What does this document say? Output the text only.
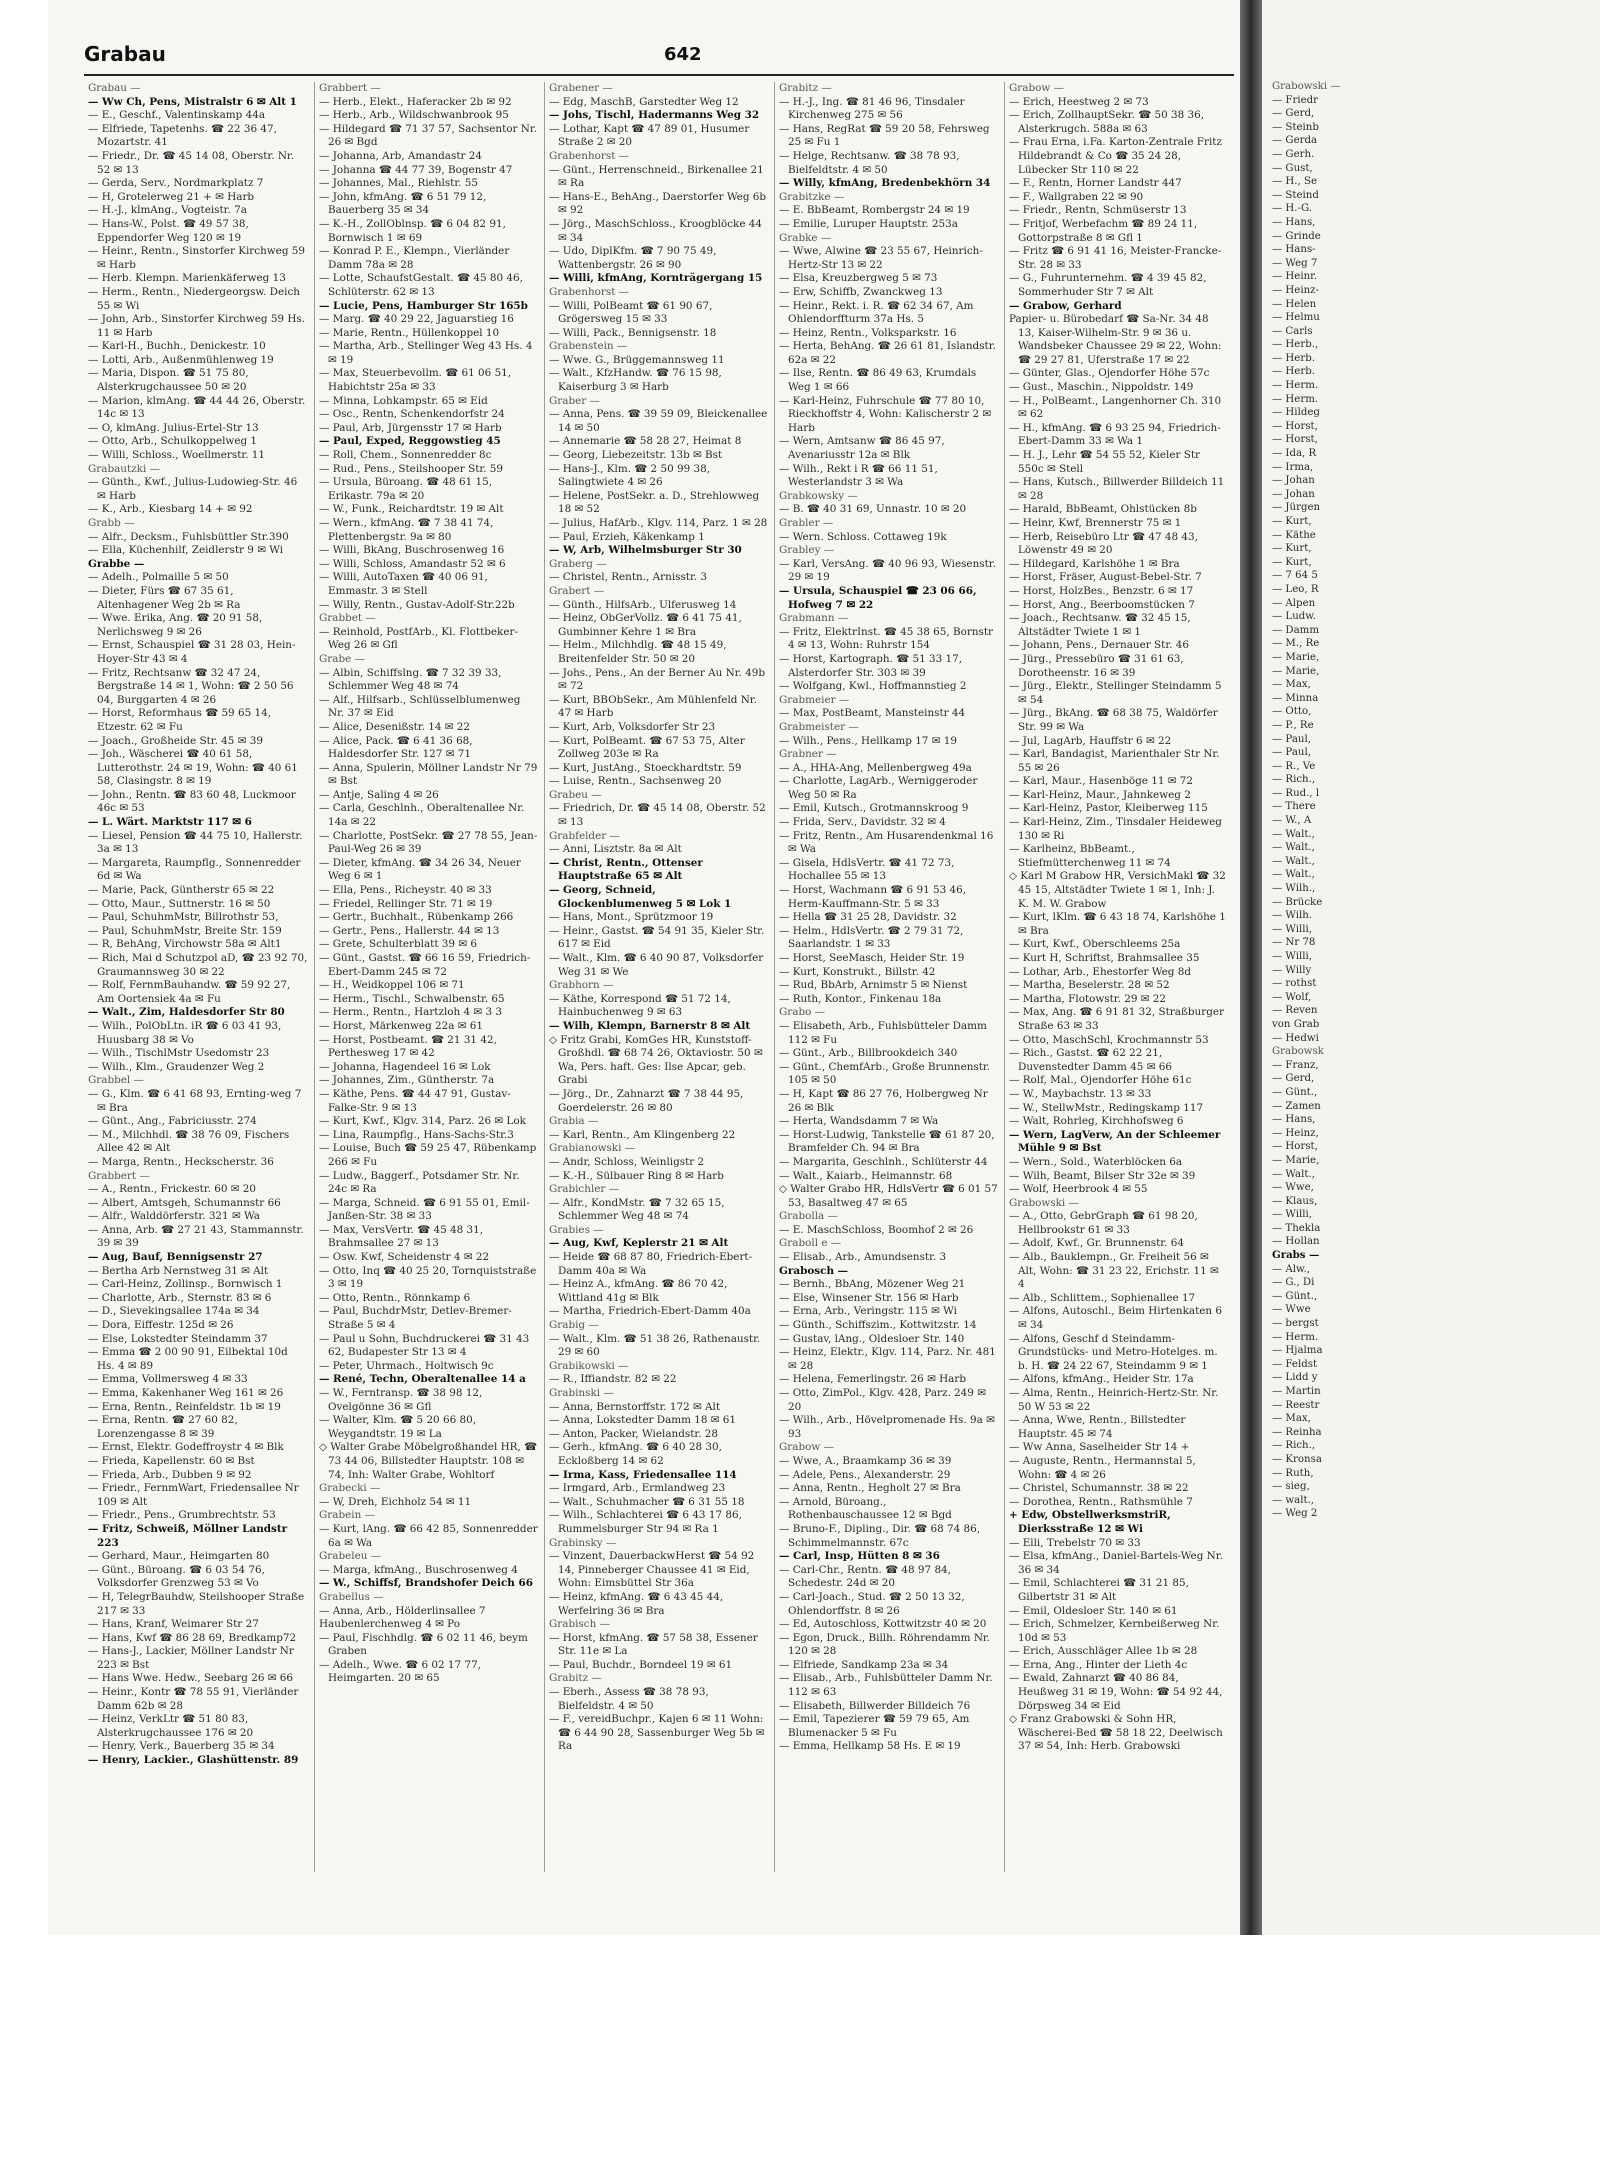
Grabau	642

Grabau —

— Ww Ch, Pens, Mistralstr 6 ✉ Alt 1

— E., Geschf., Valentinskamp 44a

— Elfriede, Tapetenhs. ☎ 22 36 47, Mozartstr. 41

— Friedr., Dr. ☎ 45 14 08, Oberstr. Nr. 52 ✉ 13

— Gerda, Serv., Nordmarkplatz 7

— H, Grotelerweg 21 + ✉ Harb

— H.-J., klmAng., Vogteistr. 7a

— Hans-W., Polst. ☎ 49 57 38, Eppendorfer Weg 120 ✉ 19

— Heinr., Rentn., Sinstorfer Kirchweg 59 ✉ Harb

— Herb. Klempn. Marienkäferweg 13

— Herm., Rentn., Niedergeorgsw. Deich 55 ✉ Wi

— John, Arb., Sinstorfer Kirchweg 59 Hs. 11 ✉ Harb

— Karl-H., Buchh., Denickestr. 10

— Lotti, Arb., Außenmühlenweg 19

— Maria, Dispon. ☎ 51 75 80, Alsterkrugchaussee 50 ✉ 20

— Marion, klmAng. ☎ 44 44 26, Oberstr. 14c ✉ 13

— O, klmAng. Julius-Ertel-Str 13

— Otto, Arb., Schulkoppelweg 1

— Willi, Schloss., Woellmerstr. 11

Grabautzki —

— Günth., Kwf., Julius-Ludowieg-Str. 46 ✉ Harb

— K., Arb., Kiesbarg 14 + ✉ 92

Grabb —

— Alfr., Decksm., Fuhlsbüttler Str.390

— Ella, Küchenhilf, Zeidlerstr 9 ✉ Wi

Grabbe —

— Adelh., Polmaille 5 ✉ 50

— Dieter, Fürs ☎ 67 35 61, Altenhagener Weg 2b ✉ Ra

— Wwe. Erika, Ang. ☎ 20 91 58, Nerlichsweg 9 ✉ 26

— Ernst, Schauspiel ☎ 31 28 03, Hein-Hoyer-Str 43 ✉ 4

— Fritz, Rechtsanw ☎ 32 47 24, Bergstraße 14 ✉ 1, Wohn: ☎ 2 50 56 04, Burggarten 4 ✉ 26

— Horst, Reformhaus ☎ 59 65 14, Etzestr. 62 ✉ Fu

— Joach., Großheide Str. 45 ✉ 39

— Joh., Wäscherei ☎ 40 61 58, Lutterothstr. 24 ✉ 19, Wohn: ☎ 40 61 58, Clasingstr. 8 ✉ 19

— John., Rentn. ☎ 83 60 48, Luckmoor 46c ✉ 53

— L. Wärt. Marktstr 117 ✉ 6

— Liesel, Pension ☎ 44 75 10, Hallerstr. 3a ✉ 13

— Margareta, Raumpflg., Sonnenredder 6d ✉ Wa

— Marie, Pack, Güntherstr 65 ✉ 22

— Otto, Maur., Suttnerstr. 16 ✉ 50

— Paul, SchuhmMstr, Billrothstr 53,

— Paul, SchuhmMstr, Breite Str. 159

— R, BehAng, Virchowstr 58a ✉ Alt1

— Rich, Mai d Schutzpol aD, ☎ 23 92 70, Graumannsweg 30 ✉ 22

— Rolf, FernmBauhandw. ☎ 59 92 27, Am Oortensiek 4a ✉ Fu

— Walt., Zim, Haldesdorfer Str 80

— Wilh., PolObLtn. iR ☎ 6 03 41 93, Huusbarg 38 ✉ Vo

— Wilh., TischlMstr Usedomstr 23

— Wilh., Klm., Graudenzer Weg 2

Grabbel —

— G., Klm. ☎ 6 41 68 93, Ernting-weg 7 ✉ Bra

— Günt., Ang., Fabriciusstr. 274

— M., Milchhdl. ☎ 38 76 09, Fischers Allee 42 ✉ Alt

— Marga, Rentn., Heckscherstr. 36

Grabbert —

— A., Rentn., Frickestr. 60 ✉ 20

— Albert, Amtsgeh, Schumannstr 66

— Alfr., Walddörferstr. 321 ✉ Wa

— Anna, Arb. ☎ 27 21 43, Stammannstr. 39 ✉ 39

— Aug, Bauf, Bennigsenstr 27

— Bertha Arb Nernstweg 31 ✉ Alt

— Carl-Heinz, Zollinsp., Bornwisch 1

— Charlotte, Arb., Sternstr. 83 ✉ 6

— D., Sievekingsallee 174a ✉ 34

— Dora, Eiffestr. 125d ✉ 26

— Else, Lokstedter Steindamm 37

— Emma ☎ 2 00 90 91, Eilbektal 10d Hs. 4 ✉ 89

— Emma, Vollmersweg 4 ✉ 33

— Emma, Kakenhaner Weg 161 ✉ 26

— Erna, Rentn., Reinfeldstr. 1b ✉ 19

— Erna, Rentn. ☎ 27 60 82, Lorenzengasse 8 ✉ 39

— Ernst, Elektr. Godeffroystr 4 ✉ Blk

— Frieda, Kapellenstr. 60 ✉ Bst

— Frieda, Arb., Dubben 9 ✉ 92

— Friedr., FernmWart, Friedensallee Nr 109 ✉ Alt

— Friedr., Pens., Grumbrechtstr. 53

— Fritz, Schweiß, Möllner Landstr 223

— Gerhard, Maur., Heimgarten 80

— Günt., Büroang. ☎ 6 03 54 76, Volksdorfer Grenzweg 53 ✉ Vo

— H, TelegrBauhdw, Steilshooper Straße 217 ✉ 33

— Hans, Kranf, Weimarer Str 27

— Hans, Kwf ☎ 86 28 69, Bredkamp72

— Hans-J., Lackier, Möllner Landstr Nr 223 ✉ Bst

— Hans Wwe. Hedw., Seebarg 26 ✉ 66

— Heinr., Kontr ☎ 78 55 91, Vierländer Damm 62b ✉ 28

— Heinz, VerkLtr ☎ 51 80 83, Alsterkrugchaussee 176 ✉ 20

— Henry, Verk., Bauerberg 35 ✉ 34

— Henry, Lackier., Glashüttenstr. 89

Grabbert —

— Herb., Elekt., Haferacker 2b ✉ 92

— Herb., Arb., Wildschwanbrook 95

— Hildegard ☎ 71 37 57, Sachsentor Nr. 26 ✉ Bgd

— Johanna, Arb, Amandastr 24

— Johanna ☎ 44 77 39, Bogenstr 47

— Johannes, Mal., Riehlstr. 55

— John, kfmAng. ☎ 6 51 79 12, Bauerberg 35 ✉ 34

— K.-H., ZollOblnsp. ☎ 6 04 82 91, Bornwisch 1 ✉ 69

— Konrad P. E., Klempn., Vierländer Damm 78a ✉ 28

— Lotte, SchaufstGestalt. ☎ 45 80 46, Schlüterstr. 62 ✉ 13

— Lucie, Pens, Hamburger Str 165b

— Marg. ☎ 40 29 22, Jaguarstieg 16

— Marie, Rentn., Hüllenkoppel 10

— Martha, Arb., Stellinger Weg 43 Hs. 4 ✉ 19

— Max, Steuerbevollm. ☎ 61 06 51, Habichtstr 25a ✉ 33

— Minna, Lohkampstr. 65 ✉ Eid

— Osc., Rentn, Schenkendorfstr 24

— Paul, Arb, Jürgensstr 17 ✉ Harb

— Paul, Exped, Reggowstieg 45

— Roll, Chem., Sonnenredder 8c

— Rud., Pens., Steilshooper Str. 59

— Ursula, Büroang. ☎ 48 61 15, Erikastr. 79a ✉ 20

— W., Funk., Reichardtstr. 19 ✉ Alt

— Wern., kfmAng. ☎ 7 38 41 74, Plettenbergstr. 9a ✉ 80

— Willi, BkAng, Buschrosenweg 16

— Willi, Schloss, Amandastr 52 ✉ 6

— Willi, AutoTaxen ☎ 40 06 91, Emmastr. 3 ✉ Stell

— Willy, Rentn., Gustav-Adolf-Str.22b

Grabbet —

— Reinhold, PostfArb., Kl. Flottbeker-Weg 26 ✉ Gfl

Grabe —

— Albin, Schiffslng. ☎ 7 32 39 33, Schlemmer Weg 48 ✉ 74

— Alf., Hilfsarb., Schlüsselblumenweg Nr. 37 ✉ Eid

— Alice, Desenißstr. 14 ✉ 22

— Alice, Pack. ☎ 6 41 36 68, Haldesdorfer Str. 127 ✉ 71

— Anna, Spulerin, Möllner Landstr Nr 79 ✉ Bst

— Antje, Saling 4 ✉ 26

— Carla, Geschlnh., Oberaltenallee Nr. 14a ✉ 22

— Charlotte, PostSekr. ☎ 27 78 55, Jean-Paul-Weg 26 ✉ 39

— Dieter, kfmAng. ☎ 34 26 34, Neuer Weg 6 ✉ 1

— Ella, Pens., Richeystr. 40 ✉ 33

— Friedel, Rellinger Str. 71 ✉ 19

— Gertr., Buchhalt., Rübenkamp 266

— Gertr., Pens., Hallerstr. 44 ✉ 13

— Grete, Schulterblatt 39 ✉ 6

— Günt., Gastst. ☎ 66 16 59, Friedrich-Ebert-Damm 245 ✉ 72

— H., Weidkoppel 106 ✉ 71

— Herm., Tischl., Schwalbenstr. 65

— Herm., Rentn., Hartzloh 4 ✉ 3 3

— Horst, Märkenweg 22a ✉ 61

— Horst, Postbeamt. ☎ 21 31 42, Perthesweg 17 ✉ 42

— Johanna, Hagendeel 16 ✉ Lok

— Johannes, Zim., Güntherstr. 7a

— Käthe, Pens. ☎ 44 47 91, Gustav-Falke-Str. 9 ✉ 13

— Kurt, Kwf., Klgv. 314, Parz. 26 ✉ Lok

— Lina, Raumpflg., Hans-Sachs-Str.3

— Louise, Buch ☎ 59 25 47, Rübenkamp 266 ✉ Fu

— Ludw., Baggerf., Potsdamer Str. Nr. 24c ✉ Ra

— Marga, Schneid. ☎ 6 91 55 01, Emil-Janßen-Str. 38 ✉ 33

— Max, VersVertr. ☎ 45 48 31, Brahmsallee 27 ✉ 13

— Osw. Kwf, Scheidenstr 4 ✉ 22

— Otto, Inq ☎ 40 25 20, Tornquiststraße 3 ✉ 19

— Otto, Rentn., Rönnkamp 6

— Paul, BuchdrMstr, Detlev-Bremer-Straße 5 ✉ 4

— Paul u Sohn, Buchdruckerei ☎ 31 43 62, Budapester Str 13 ✉ 4

— Peter, Uhrmach., Holtwisch 9c

— René, Techn, Oberaltenallee 14 a

— W., Ferntransp. ☎ 38 98 12, Ovelgönne 36 ✉ Gfl

— Walter, Klm. ☎ 5 20 66 80, Weygandtstr. 19 ✉ La

◇ Walter Grabe Möbelgroßhandel HR, ☎ 73 44 06, Billstedter Hauptstr. 108 ✉ 74, Inh: Walter Grabe, Wohltorf

Grabecki —

— W, Dreh, Eichholz 54 ✉ 11

Grabein —

— Kurt, lAng. ☎ 66 42 85, Sonnenredder 6a ✉ Wa

Grabeleu —

— Marga, kfmAng., Buschrosenweg 4

— W., Schiffsf, Brandshofer Deich 66

Grabellus —

— Anna, Arb., Hölderlinsallee 7

Haubenlerchenweg 4 ✉ Po

— Paul, Fischhdlg. ☎ 6 02 11 46, beym Graben

— Adelh., Wwe. ☎ 6 02 17 77, Heimgarten. 20 ✉ 65

Grabener —

— Edg, MaschB, Garstedter Weg 12

— Johs, Tischl, Hadermanns Weg 32

— Lothar, Kapt ☎ 47 89 01, Husumer Straße 2 ✉ 20

Grabenhorst —

— Günt., Herrenschneid., Birkenallee 21 ✉ Ra

— Hans-E., BehAng., Daerstorfer Weg 6b ✉ 92

— Jörg., MaschSchloss., Kroogblöcke 44 ✉ 34

— Udo, DiplKfm. ☎ 7 90 75 49, Wattenbergstr. 26 ✉ 90

— Willi, kfmAng, Kornträgergang 15

Grabenhorst —

— Willi, PolBeamt ☎ 61 90 67, Grögersweg 15 ✉ 33

— Willi, Pack., Bennigsenstr. 18

Grabenstein —

— Wwe. G., Brüggemannsweg 11

— Walt., KfzHandw. ☎ 76 15 98, Kaiserburg 3 ✉ Harb

Graber —

— Anna, Pens. ☎ 39 59 09, Bleickenallee 14 ✉ 50

— Annemarie ☎ 58 28 27, Heimat 8

— Georg, Liebezeitstr. 13b ✉ Bst

— Hans-J., Klm. ☎ 2 50 99 38, Salingtwiete 4 ✉ 26

— Helene, PostSekr. a. D., Strehlowweg 18 ✉ 52

— Julius, HafArb., Klgv. 114, Parz. 1 ✉ 28

— Paul, Erzieh, Käkenkamp 1

— W, Arb, Wilhelmsburger Str 30

Graberg —

— Christel, Rentn., Arnisstr. 3

Grabert —

— Günth., HilfsArb., Ulferusweg 14

— Heinz, ObGerVollz. ☎ 6 41 75 41, Gumbinner Kehre 1 ✉ Bra

— Helm., Milchhdlg. ☎ 48 15 49, Breitenfelder Str. 50 ✉ 20

— Johs., Pens., An der Berner Au Nr. 49b ✉ 72

— Kurt, BBObSekr., Am Mühlenfeld Nr. 47 ✉ Harb

— Kurt, Arb, Volksdorfer Str 23

— Kurt, PolBeamt. ☎ 67 53 75, Alter Zollweg 203e ✉ Ra

— Kurt, JustAng., Stoeckhardtstr. 59

— Luise, Rentn., Sachsenweg 20

Grabeu —

— Friedrich, Dr. ☎ 45 14 08, Oberstr. 52 ✉ 13

Grabfelder —

— Anni, Lisztstr. 8a ✉ Alt

— Christ, Rentn., Ottenser Hauptstraße 65 ✉ Alt

— Georg, Schneid, Glockenblumenweg 5 ✉ Lok 1

— Hans, Mont., Sprützmoor 19

— Heinr., Gastst. ☎ 54 91 35, Kieler Str. 617 ✉ Eid

— Walt., Klm. ☎ 6 40 90 87, Volksdorfer Weg 31 ✉ We

Grabhorn —

— Käthe, Korrespond ☎ 51 72 14, Hainbuchenweg 9 ✉ 63

— Wilh, Klempn, Barnerstr 8 ✉ Alt

◇ Fritz Grabi, KomGes HR, Kunststoff-Großhdl. ☎ 68 74 26, Oktaviostr. 50 ✉ Wa, Pers. haft. Ges: Ilse Apcar, geb. Grabi

— Jörg., Dr., Zahnarzt ☎ 7 38 44 95, Goerdelerstr. 26 ✉ 80

Grabia —

— Karl, Rentn., Am Klingenberg 22

Grabianowski —

— Andr, Schloss, Weinligstr 2

— K.-H., Sülbauer Ring 8 ✉ Harb

Grabichler —

— Alfr., KondMstr. ☎ 7 32 65 15, Schlemmer Weg 48 ✉ 74

Grabies —

— Aug, Kwf, Keplerstr 21 ✉ Alt

— Heide ☎ 68 87 80, Friedrich-Ebert-Damm 40a ✉ Wa

— Heinz A., kfmAng. ☎ 86 70 42, Wittland 41g ✉ Blk

— Martha, Friedrich-Ebert-Damm 40a

Grabig —

— Walt., Klm. ☎ 51 38 26, Rathenaustr. 29 ✉ 60

Grabikowski —

— R., Iffiandstr. 82 ✉ 22

Grabinski —

— Anna, Bernstorffstr. 172 ✉ Alt

— Anna, Lokstedter Damm 18 ✉ 61

— Anton, Packer, Wielandstr. 28

— Gerh., kfmAng. ☎ 6 40 28 30, Eckloßberg 14 ✉ 62

— Irma, Kass, Friedensallee 114

— Irmgard, Arb., Ermlandweg 23

— Walt., Schuhmacher ☎ 6 31 55 18

— Wilh., Schlachterei ☎ 6 43 17 86, Rummelsburger Str 94 ✉ Ra 1

Grabinsky —

— Vinzent, DauerbackwHerst ☎ 54 92 14, Pinneberger Chaussee 41 ✉ Eid, Wohn: Eimsbüttel Str 36a

— Heinz, kfmAng. ☎ 6 43 45 44, Werfelring 36 ✉ Bra

Grabisch —

— Horst, kfmAng. ☎ 57 58 38, Essener Str. 11e ✉ La

— Paul, Buchdr., Borndeel 19 ✉ 61

Grabitz —

— Eberh., Assess ☎ 38 78 93, Bielfeldstr. 4 ✉ 50

— F., vereidBuchpr., Kajen 6 ✉ 11 Wohn: ☎ 6 44 90 28, Sassenburger Weg 5b ✉ Ra

Grabitz —

— H.-J., Ing. ☎ 81 46 96, Tinsdaler Kirchenweg 275 ✉ 56

— Hans, RegRat ☎ 59 20 58, Fehrsweg 25 ✉ Fu 1

— Helge, Rechtsanw. ☎ 38 78 93, Bielfeldtstr. 4 ✉ 50

— Willy, kfmAng, Bredenbekhörn 34

Grabitzke —

— E. BbBeamt, Rombergstr 24 ✉ 19

— Emilie, Luruper Hauptstr. 253a

Grabke —

— Wwe, Alwine ☎ 23 55 67, Heinrich-Hertz-Str 13 ✉ 22

— Elsa, Kreuzbergweg 5 ✉ 73

— Erw, Schiffb, Zwanckweg 13

— Heinr., Rekt. i. R. ☎ 62 34 67, Am Ohlendorffturm 37a Hs. 5

— Heinz, Rentn., Volksparkstr. 16

— Herta, BehAng. ☎ 26 61 81, Islandstr. 62a ✉ 22

— Ilse, Rentn. ☎ 86 49 63, Krumdals Weg 1 ✉ 66

— Karl-Heinz, Fuhrschule ☎ 77 80 10, Rieckhoffstr 4, Wohn: Kalischerstr 2 ✉ Harb

— Wern, Amtsanw ☎ 86 45 97, Avenariusstr 12a ✉ Blk

— Wilh., Rekt i R ☎ 66 11 51, Westerlandstr 3 ✉ Wa

Grabkowsky —

— B. ☎ 40 31 69, Unnastr. 10 ✉ 20

Grabler —

— Wern. Schloss. Cottaweg 19k

Grabley —

— Karl, VersAng. ☎ 40 96 93, Wiesenstr. 29 ✉ 19

— Ursula, Schauspiel ☎ 23 06 66, Hofweg 7 ✉ 22

Grabmann —

— Fritz, ElektrInst. ☎ 45 38 65, Bornstr 4 ✉ 13, Wohn: Ruhrstr 154

— Horst, Kartograph. ☎ 51 33 17, Alsterdorfer Str. 303 ✉ 39

— Wolfgang, Kwl., Hoffmannstieg 2

Grabmeier —

— Max, PostBeamt, Mansteinstr 44

Grabmeister —

— Wilh., Pens., Hellkamp 17 ✉ 19

Grabner —

— A., HHA-Ang, Mellenbergweg 49a

— Charlotte, LagArb., Werniggeroder Weg 50 ✉ Ra

— Emil, Kutsch., Grotmannskroog 9

— Frida, Serv., Davidstr. 32 ✉ 4

— Fritz, Rentn., Am Husarendenkmal 16 ✉ Wa

— Gisela, HdlsVertr. ☎ 41 72 73, Hochallee 55 ✉ 13

— Horst, Wachmann ☎ 6 91 53 46, Herm-Kauffmann-Str. 5 ✉ 33

— Hella ☎ 31 25 28, Davidstr. 32

— Helm., HdlsVertr. ☎ 2 79 31 72, Saarlandstr. 1 ✉ 33

— Horst, SeeMasch, Heider Str. 19

— Kurt, Konstrukt., Billstr. 42

— Rud, BbArb, Arnimstr 5 ✉ Nienst

— Ruth, Kontor., Finkenau 18a

Grabo —

— Elisabeth, Arb., Fuhlsbütteler Damm 112 ✉ Fu

— Günt., Arb., Billbrookdeich 340

— Günt., ChemfArb., Große Brunnenstr. 105 ✉ 50

— H, Kapt ☎ 86 27 76, Holbergweg Nr 26 ✉ Blk

— Herta, Wandsdamm 7 ✉ Wa

— Horst-Ludwig, Tankstelle ☎ 61 87 20, Bramfelder Ch. 94 ✉ Bra

— Margarita, Geschlnh., Schlüterstr 44

— Walt., Kaiarb., Heimannstr. 68

◇ Walter Grabo HR, HdlsVertr ☎ 6 01 57 53, Basaltweg 47 ✉ 65

Grabolla —

— E. MaschSchloss, Boomhof 2 ✉ 26

Graboll e —

— Elisab., Arb., Amundsenstr. 3

Grabosch —

— Bernh., BbAng, Mözener Weg 21

— Else, Winsener Str. 156 ✉ Harb

— Erna, Arb., Veringstr. 115 ✉ Wi

— Günth., Schiffszim., Kottwitzstr. 14

— Gustav, lAng., Oldesloer Str. 140

— Heinz, Elektr., Klgv. 114, Parz. Nr. 481 ✉ 28

— Helena, Femerlingstr. 26 ✉ Harb

— Otto, ZimPol., Klgv. 428, Parz. 249 ✉ 20

— Wilh., Arb., Hövelpromenade Hs. 9a ✉ 93

Grabow —

— Wwe, A., Braamkamp 36 ✉ 39

— Adele, Pens., Alexanderstr. 29

— Anna, Rentn., Hegholt 27 ✉ Bra

— Arnold, Büroang., Rothenbauschaussee 12 ✉ Bgd

— Bruno-F., Dipling., Dir. ☎ 68 74 86, Schimmelmannstr. 67c

— Carl, Insp, Hütten 8 ✉ 36

— Carl-Chr., Rentn. ☎ 48 97 84, Schedestr. 24d ✉ 20

— Carl-Joach., Stud. ☎ 2 50 13 32, Ohlendorffstr. 8 ✉ 26

— Ed, Autoschloss, Kottwitzstr 40 ✉ 20

— Egon, Druck., Billh. Röhrendamm Nr. 120 ✉ 28

— Elfriede, Sandkamp 23a ✉ 34

— Elisab., Arb., Fuhlsbütteler Damm Nr. 112 ✉ 63

— Elisabeth, Billwerder Billdeich 76

— Emil, Tapezierer ☎ 59 79 65, Am Blumenacker 5 ✉ Fu

— Emma, Hellkamp 58 Hs. E ✉ 19

Grabow —

— Erich, Heestweg 2 ✉ 73

— Erich, ZollhauptSekr. ☎ 50 38 36, Alsterkrugch. 588a ✉ 63

— Frau Erna, i.Fa. Karton-Zentrale Fritz Hildebrandt & Co ☎ 35 24 28, Lübecker Str 110 ✉ 22

— F., Rentn, Horner Landstr 447

— F., Wallgraben 22 ✉ 90

— Friedr., Rentn, Schmüserstr 13

— Fritjof, Werbefachm ☎ 89 24 11, Gottorpstraße 8 ✉ Gfl 1

— Fritz ☎ 6 91 41 16, Meister-Francke-Str. 28 ✉ 33

— G., Fuhrunternehm. ☎ 4 39 45 82, Sommerhuder Str 7 ✉ Alt

— Grabow, Gerhard

Papier- u. Bürobedarf ☎ Sa-Nr. 34 48 13, Kaiser-Wilhelm-Str. 9 ✉ 36 u. Wandsbeker Chaussee 29 ✉ 22, Wohn: ☎ 29 27 81, Uferstraße 17 ✉ 22

— Günter, Glas., Ojendorfer Höhe 57c

— Gust., Maschin., Nippoldstr. 149

— H., PolBeamt., Langenhorner Ch. 310 ✉ 62

— H., kfmAng. ☎ 6 93 25 94, Friedrich-Ebert-Damm 33 ✉ Wa 1

— H. J., Lehr ☎ 54 55 52, Kieler Str 550c ✉ Stell

— Hans, Kutsch., Billwerder Billdeich 11 ✉ 28

— Harald, BbBeamt, Ohlstücken 8b

— Heinr, Kwf, Brennerstr 75 ✉ 1

— Herb, Reisebüro Ltr ☎ 47 48 43, Löwenstr 49 ✉ 20

— Hildegard, Karlshöhe 1 ✉ Bra

— Horst, Fräser, August-Bebel-Str. 7

— Horst, HolzBes., Benzstr. 6 ✉ 17

— Horst, Ang., Beerboomstücken 7

— Joach., Rechtsanw. ☎ 32 45 15, Altstädter Twiete 1 ✉ 1

— Johann, Pens., Dernauer Str. 46

— Jürg., Pressebüro ☎ 31 61 63, Dorotheenstr. 16 ✉ 39

— Jürg., Elektr., Stellinger Steindamm 5 ✉ 54

— Jürg., BkAng. ☎ 68 38 75, Waldörfer Str. 99 ✉ Wa

— Jul, LagArb, Hauffstr 6 ✉ 22

— Karl, Bandagist, Marienthaler Str Nr. 55 ✉ 26

— Karl, Maur., Hasenböge 11 ✉ 72

— Karl-Heinz, Maur., Jahnkeweg 2

— Karl-Heinz, Pastor, Kleiberweg 115

— Karl-Heinz, Zim., Tinsdaler Heideweg 130 ✉ Ri

— Karlheinz, BbBeamt., Stiefmütterchenweg 11 ✉ 74

◇ Karl M Grabow HR, VersichMakl ☎ 32 45 15, Altstädter Twiete 1 ✉ 1, Inh: J. K. M. W. Grabow

— Kurt, lKlm. ☎ 6 43 18 74, Karlshöhe 1 ✉ Bra

— Kurt, Kwf., Oberschleems 25a

— Kurt H, Schriftst, Brahmsallee 35

— Lothar, Arb., Ehestorfer Weg 8d

— Martha, Beselerstr. 28 ✉ 52

— Martha, Flotowstr. 29 ✉ 22

— Max, Ang. ☎ 6 91 81 32, Straßburger Straße 63 ✉ 33

— Otto, MaschSchl, Krochmannstr 53

— Rich., Gastst. ☎ 62 22 21, Duvenstedter Damm 45 ✉ 66

— Rolf, Mal., Ojendorfer Höhe 61c

— W., Maybachstr. 13 ✉ 33

— W., StellwMstr., Redingskamp 117

— Walt, Rohrleg, Kirchhofsweg 6

— Wern, LagVerw, An der Schleemer Mühle 9 ✉ Bst

— Wern., Sold., Waterblöcken 6a

— Wilh, Beamt, Bilser Str 32e ✉ 39

— Wolf, Heerbrook 4 ✉ 55

Grabowski —

— A., Otto, GebrGraph ☎ 61 98 20, Hellbrookstr 61 ✉ 33

— Adolf, Kwf., Gr. Brunnenstr. 64

— Alb., Bauklempn., Gr. Freiheit 56 ✉ Alt, Wohn: ☎ 31 23 22, Erichstr. 11 ✉ 4

— Alb., Schlittem., Sophienallee 17

— Alfons, Autoschl., Beim Hirtenkaten 6 ✉ 34

— Alfons, Geschf d Steindamm-Grundstücks- und Metro-Hotelges. m. b. H. ☎ 24 22 67, Steindamm 9 ✉ 1

— Alfons, kfmAng., Heider Str. 17a

— Alma, Rentn., Heinrich-Hertz-Str. Nr. 50 W 53 ✉ 22

— Anna, Wwe, Rentn., Billstedter Hauptstr. 45 ✉ 74

— Ww Anna, Saselheider Str 14 +

— Auguste, Rentn., Hermannstal 5, Wohn: ☎ 4 ✉ 26

— Christel, Schumannstr. 38 ✉ 22

— Dorothea, Rentn., Rathsmühle 7

+ Edw, ObstellwerksmstriR, Dierksstraße 12 ✉ Wi

— Elli, Trebelstr 70 ✉ 33

— Elsa, kfmAng., Daniel-Bartels-Weg Nr. 36 ✉ 34

— Emil, Schlachterei ☎ 31 21 85, Gilbertstr 31 ✉ Alt

— Emil, Oldesloer Str. 140 ✉ 61

— Erich, Schmelzer, Kernbeißerweg Nr. 10d ✉ 53

— Erich, Ausschläger Allee 1b ✉ 28

— Erna, Ang., Hinter der Lieth 4c

— Ewald, Zahnarzt ☎ 40 86 84, Heußweg 31 ✉ 19, Wohn: ☎ 54 92 44, Dörpsweg 34 ✉ Eid

◇ Franz Grabowski & Sohn HR, Wäscherei-Bed ☎ 58 18 22, Deelwisch 37 ✉ 54, Inh: Herb. Grabowski

Grabowski —

— Friedr

— Gerd,

— Steinb

— Gerda

— Gerh.

— Gust,

— H., Se

— Steind

— H.-G.

— Hans,

— Grinde

— Hans-

— Weg 7

— Heinr.

— Heinz-

— Helen

— Helmu

— Carls

— Herb.,

— Herb.

— Herb.

— Herm.

— Herm.

— Hildeg

— Horst,

— Horst,

— Ida, R

— Irma,

— Johan

— Johan

— Jürgen

— Kurt,

— Käthe

— Kurt,

— Kurt,

— 7 64 5

— Leo, R

— Alpen

— Ludw.

— Damm

— M., Re

— Marie,

— Marie,

— Max,

— Minna

— Otto,

— P., Re

— Paul,

— Paul,

— R., Ve

— Rich.,

— Rud., l

— There

— W., A

— Walt.,

— Walt.,

— Walt.,

— Walt.,

— Wilh.,

— Brücke

— Wilh.

— Willi,

— Nr 78

— Willi,

— Willy

— rothst

— Wolf,

— Reven

von Grab

— Hedwi

Grabowsk

— Franz,

— Gerd,

— Günt.,

— Zamen

— Hans,

— Heinz,

— Horst,

— Marie,

— Walt.,

— Wwe,

— Klaus,

— Willi,

— Thekla

— Hollan

Grabs —

— Alw.,

— G., Di

— Günt.,

— Wwe

— bergst

— Herm.

— Hjalma

— Feldst

— Lidd y

— Martin

— Reestr

— Max,

— Reinha

— Rich.,

— Kronsa

— Ruth,

— sieg,

— walt.,

— Weg 2
